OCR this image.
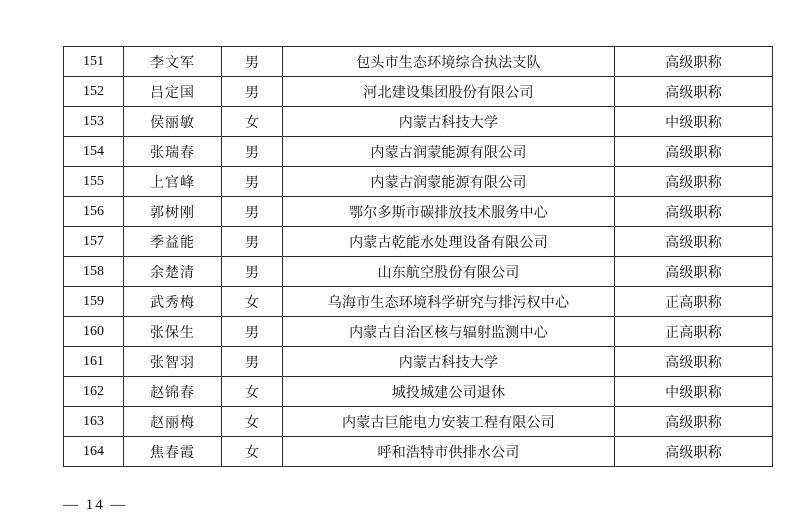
151	李文军	男	包头市生态环境综合执法支队	高级职称
152	吕定国	男	河北建设集团股份有限公司	高级职称
153	侯丽敏	女	内蒙古科技大学	中级职称
154	张瑞春	男	内蒙古润蒙能源有限公司	高级职称
155	上官峰	男	内蒙古润蒙能源有限公司	高级职称
156	郭树刚	男	鄂尔多斯市碳排放技术服务中心	高级职称
157	季益能	男	内蒙古乾能水处理设备有限公司	高级职称
158	余楚清	男	山东航空股份有限公司	高级职称
159	武秀梅	女	乌海市生态环境科学研究与排污权中心	正高职称
160	张保生	男	内蒙古自治区核与辐射监测中心	正高职称
161	张智羽	男	内蒙古科技大学	高级职称
162	赵锦春	女	城投城建公司退休	中级职称
163	赵丽梅	女	内蒙古巨能电力安装工程有限公司	高级职称
164	焦春霞	女	呼和浩特市供排水公司	高级职称
— 14 —
